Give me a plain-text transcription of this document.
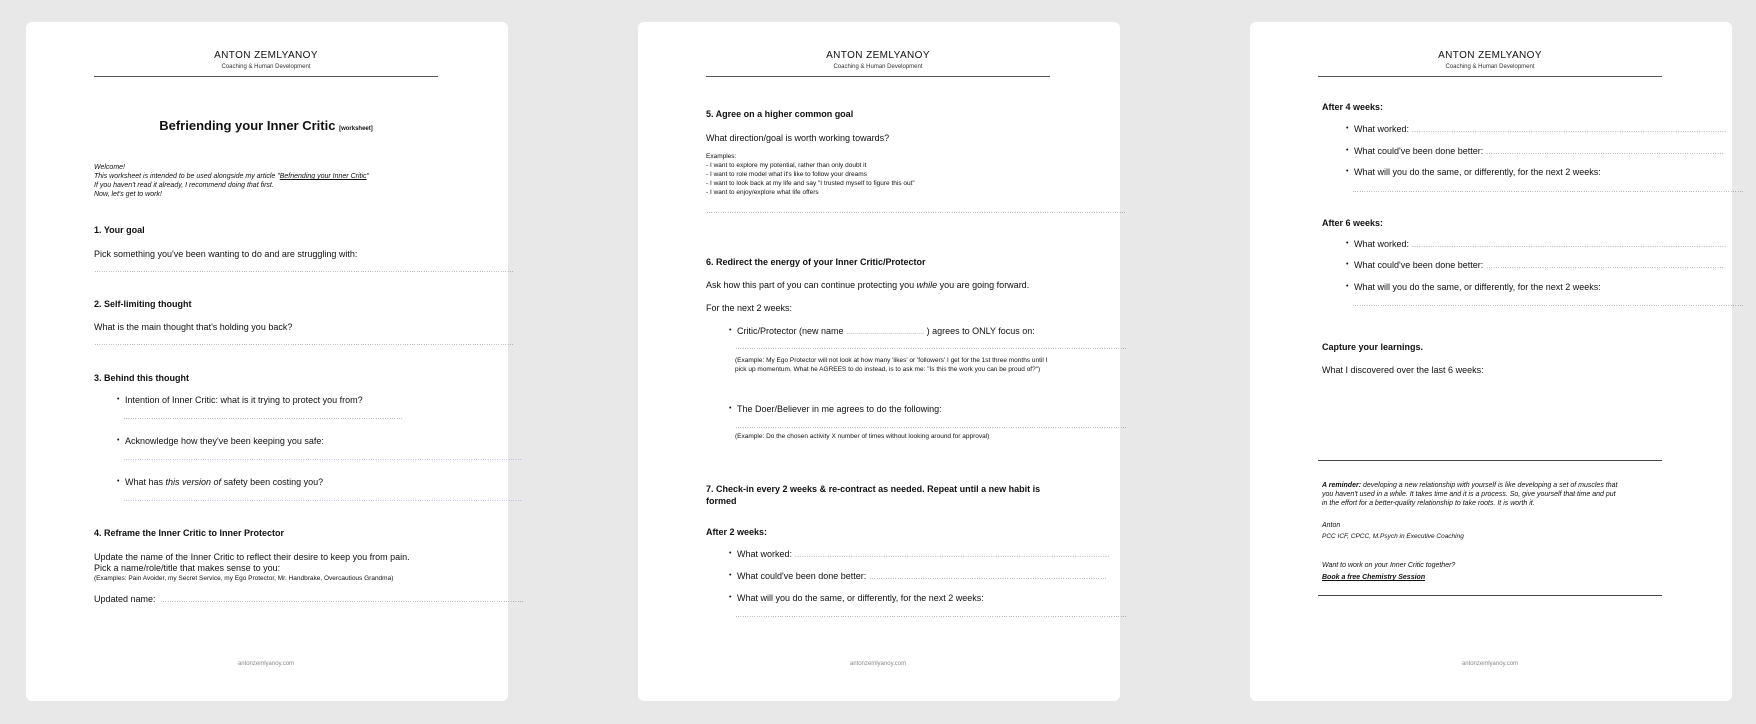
ANTON ZEMLYANOY
Coaching & Human Development
Befriending your Inner Critic [worksheet]
Welcome!
This worksheet is intended to be used alongside my article "Befriending your Inner Critic"
If you haven't read it already, I recommend doing that first.
Now, let's get to work!
1. Your goal
Pick something you've been wanting to do and are struggling with:
………………………………………………………………………………………………………………………………………………………………
2. Self-limiting thought
What is the main thought that's holding you back?
………………………………………………………………………………………………………………………………………………………………
3. Behind this thought
• Intention of Inner Critic: what is it trying to protect you from?
…………………………………………………………………………………………………………
• Acknowledge how they've been keeping you safe:
………………………………………………………………………………………………………………………………………………………
• What has this version of safety been costing you?
………………………………………………………………………………………………………………………………………………………
4. Reframe the Inner Critic to Inner Protector
Update the name of the Inner Critic to reflect their desire to keep you from pain.
Pick a name/role/title that makes sense to you:
(Examples: Pain Avoider, my Secret Service, my Ego Protector, Mr. Handbrake, Overcautious Grandma)
Updated name: …………………………………………………………………………………………………………………………………………
antonzemlyanoy.com
ANTON ZEMLYANOY
Coaching & Human Development
5. Agree on a higher common goal
What direction/goal is worth working towards?
Examples:
- I want to explore my potential, rather than only doubt it
- I want to role model what it's like to follow your dreams
- I want to look back at my life and say "I trusted myself to figure this out"
- I want to enjoy/explore what life offers
………………………………………………………………………………………………………………………………………………………………
6. Redirect the energy of your Inner Critic/Protector
Ask how this part of you can continue protecting you while you are going forward.
For the next 2 weeks:
• Critic/Protector (new name ………………………………… ) agrees to ONLY focus on:
……………………………………………………………………………………………………………………………………………………
(Example: My Ego Protector will not look at how many 'likes' or 'followers' I get for the 1st three months until I pick up momentum. What he AGREES to do instead, is to ask me: "Is this the work you can be proud of?")
• The Doer/Believer in me agrees to do the following:
……………………………………………………………………………………………………………………………………………………
(Example: Do the chosen activity X number of times without looking around for approval)
7. Check-in every 2 weeks & re-contract as needed. Repeat until a new habit is
formed
After 2 weeks:
• What worked: ………………………………………………………………………………………………………………………
• What could've been done better: …………………………………………………………………………………………
• What will you do the same, or differently, for the next 2 weeks:
……………………………………………………………………………………………………………………………………………………
antonzemlyanoy.com
ANTON ZEMLYANOY
Coaching & Human Development
After 4 weeks:
• What worked: ………………………………………………………………………………………………………………………
• What could've been done better: …………………………………………………………………………………………
• What will you do the same, or differently, for the next 2 weeks:
……………………………………………………………………………………………………………………………………………………
After 6 weeks:
• What worked: ………………………………………………………………………………………………………………………
• What could've been done better: …………………………………………………………………………………………
• What will you do the same, or differently, for the next 2 weeks:
……………………………………………………………………………………………………………………………………………………
Capture your learnings.
What I discovered over the last 6 weeks:
A reminder: developing a new relationship with yourself is like developing a set of muscles that
you haven't used in a while. It takes time and it is a process. So, give yourself that time and put
in the effort for a better-quality relationship to take roots. It is worth it.
Anton
PCC ICF, CPCC, M.Psych in Executive Coaching
Want to work on your Inner Critic together?
Book a free Chemistry Session
antonzemlyanoy.com
